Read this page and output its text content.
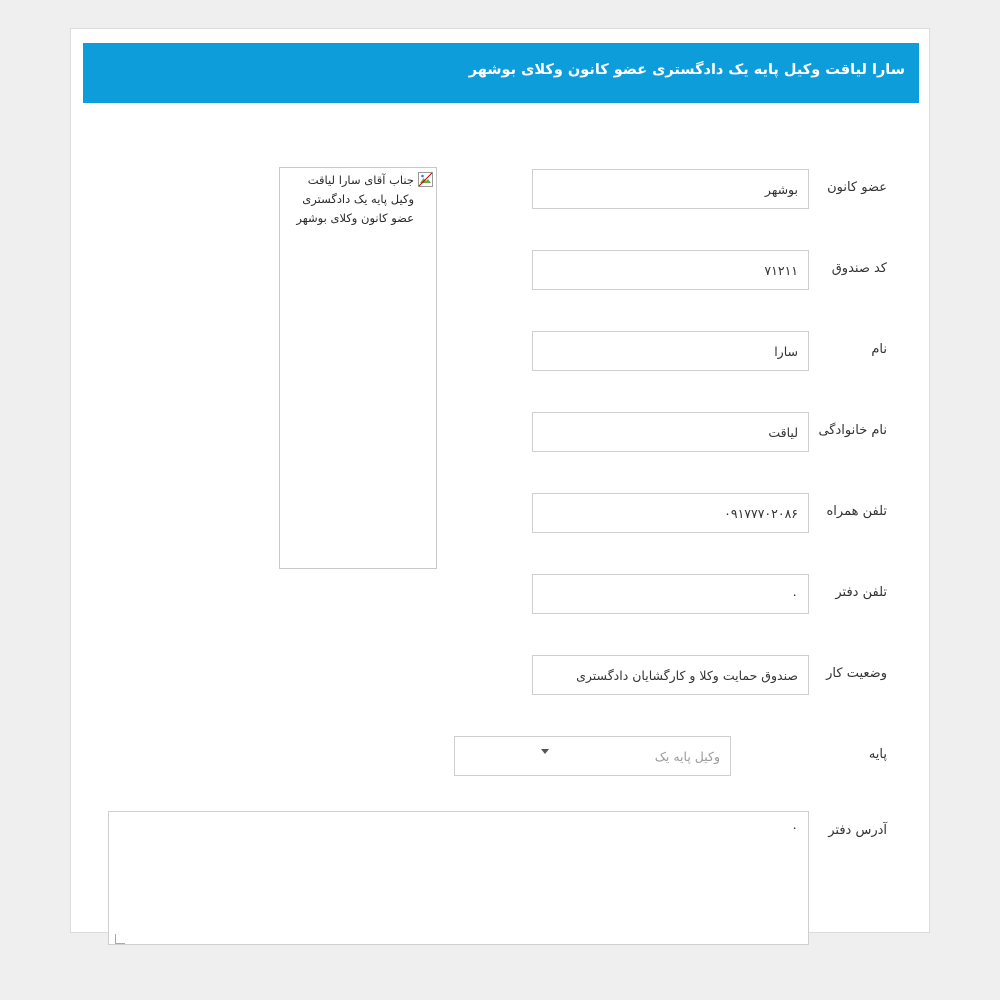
سارا لیاقت وکیل پایه یک دادگستری عضو کانون وکلای بوشهر
جناب آقای سارا لیاقت وکیل پایه یک دادگستری عضو کانون وکلای بوشهر
عضو کانون
بوشهر
کد صندوق
۷۱۲۱۱
نام
سارا
نام خانوادگی
لیاقت
تلفن همراه
۰۹۱۷۷۷۰۲۰۸۶
تلفن دفتر
۰
وضعیت کار
صندوق حمایت وکلا و کارگشایان دادگستری
پایه
وکیل پایه یک
آدرس دفتر
۰
